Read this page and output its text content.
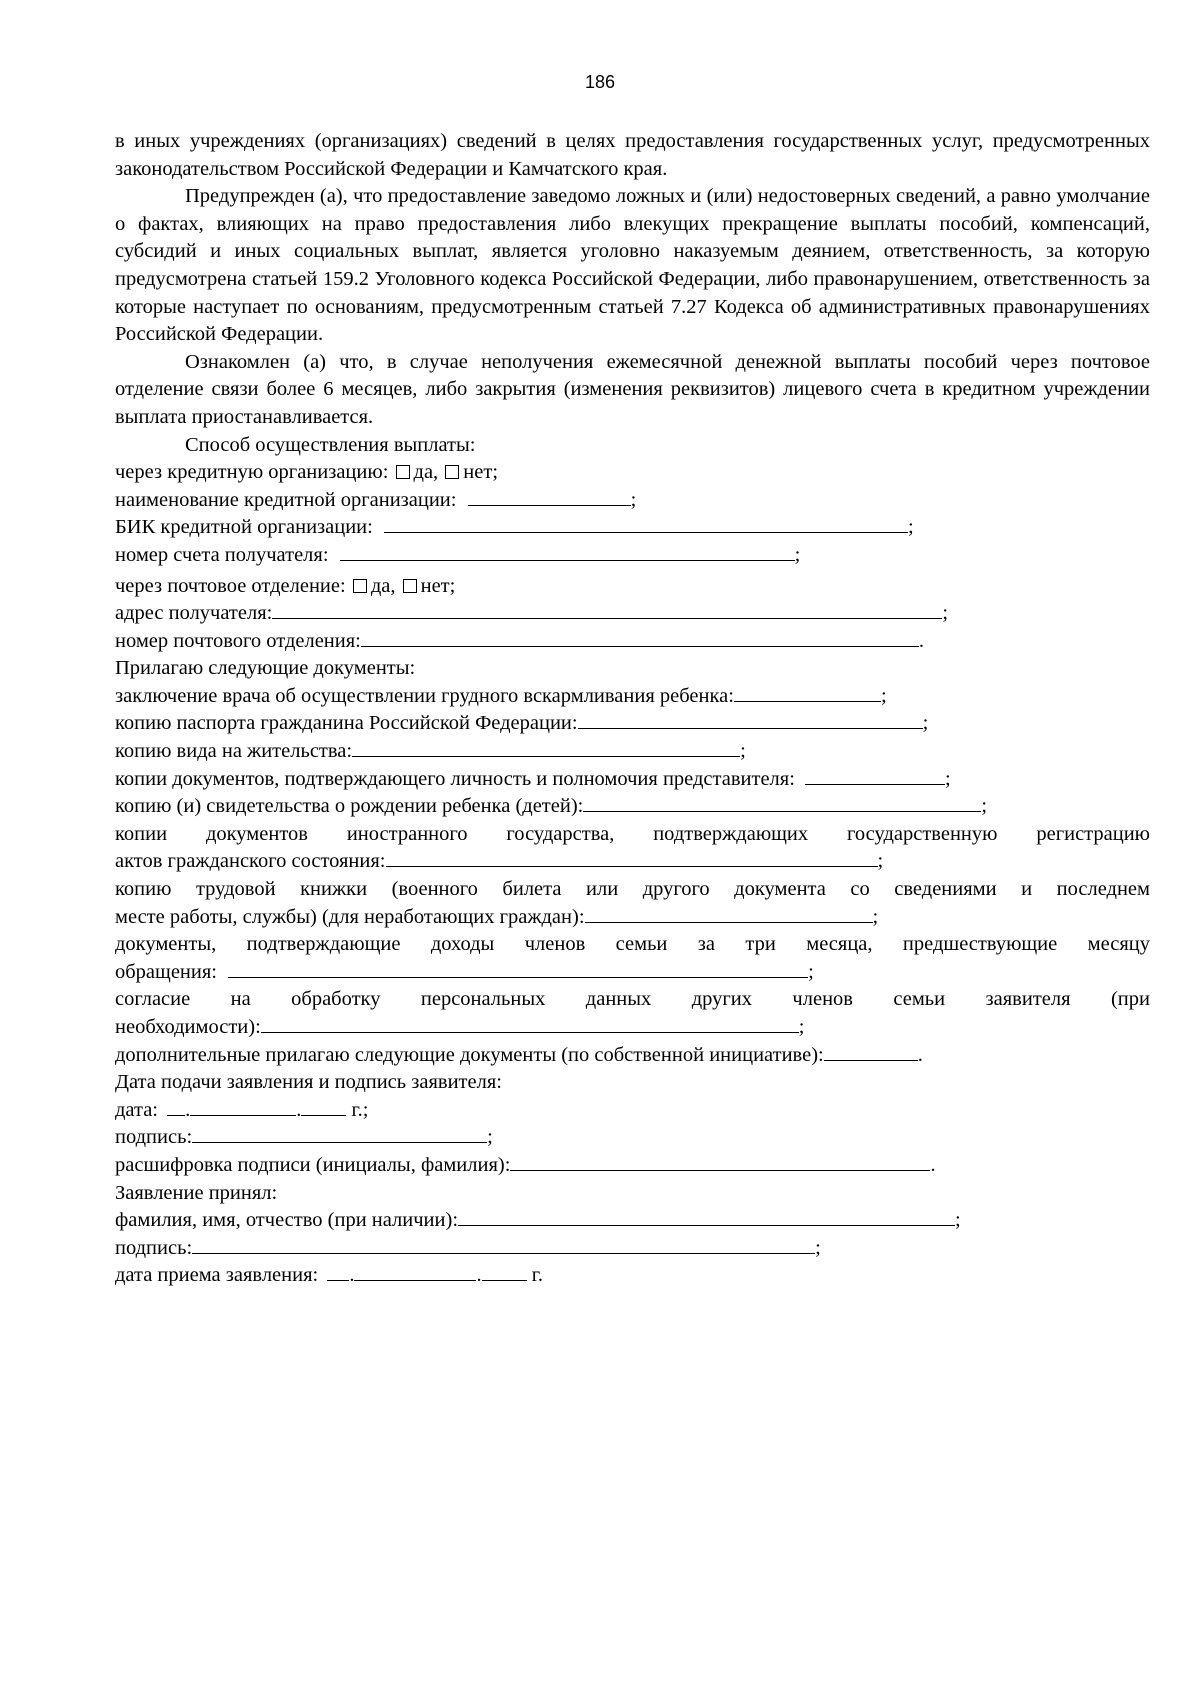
186

в иных учреждениях (организациях) сведений в целях предоставления государственных услуг, предусмотренных законодательством Российской Федерации и Камчатского края.

Предупрежден (а), что предоставление заведомо ложных и (или) недостоверных сведений, а равно умолчание о фактах, влияющих на право предоставления либо влекущих прекращение выплаты пособий, компенсаций, субсидий и иных социальных выплат, является уголовно наказуемым деянием, ответственность, за которую предусмотрена статьей 159.2 Уголовного кодекса Российской Федерации, либо правонарушением, ответственность за которые наступает по основаниям, предусмотренным статьей 7.27 Кодекса об административных правонарушениях Российской Федерации.

Ознакомлен (а) что, в случае неполучения ежемесячной денежной выплаты пособий через почтовое отделение связи более 6 месяцев, либо закрытия (изменения реквизитов) лицевого счета в кредитном учреждении выплата приостанавливается.

Способ осуществления выплаты:

через кредитную организацию: да, нет;

наименование кредитной организации:	;

БИК кредитной организации:	;

номер счета получателя:	;

через почтовое отделение: да, нет;

адрес получателя:	;

номер почтового отделения:	.

Прилагаю следующие документы:

заключение врача об осуществлении грудного вскармливания ребенка:	;

копию паспорта гражданина Российской Федерации:	;

копию вида на жительства:	;

копии документов, подтверждающего личность и полномочия представителя:	;

копию (и) свидетельства о рождении ребенка (детей):	;

копии документов иностранного государства, подтверждающих государственную регистрацию

актов гражданского состояния:	;

копию трудовой книжки (военного билета или другого документа со сведениями и последнем

месте работы, службы) (для неработающих граждан):	;

документы, подтверждающие доходы членов семьи за три месяца, предшествующие месяцу

обращения:	;

согласие на обработку персональных данных других членов семьи заявителя (при

необходимости):	;

дополнительные прилагаю следующие документы (по собственной инициативе):	.

Дата подачи заявления и подпись заявителя:

дата: .	. г.;

подпись:	;

расшифровка подписи (инициалы, фамилия):	.

Заявление принял:

фамилия, имя, отчество (при наличии):	;

подпись:	;

дата приема заявления: .	. г.
